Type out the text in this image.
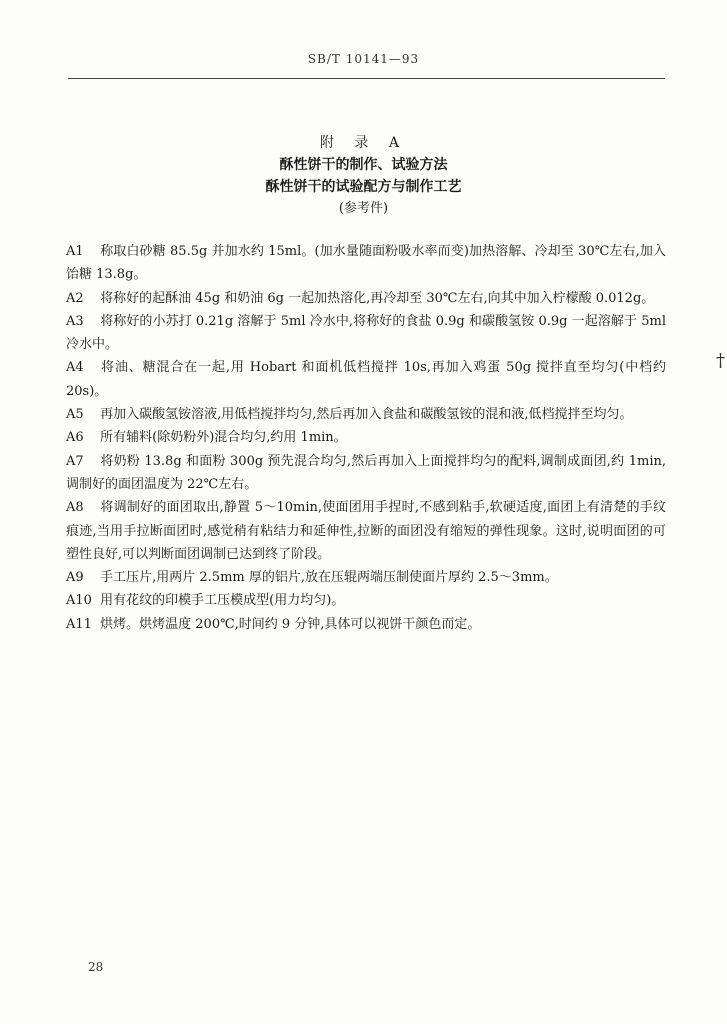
SB/T 10141—93
附 录 A
酥性饼干的制作、试验方法
酥性饼干的试验配方与制作工艺
(参考件)

A1 称取白砂糖 85.5g 并加水约 15ml。(加水量随面粉吸水率而变)加热溶解、冷却至 30℃左右,加入饴糖 13.8g。

A2 将称好的起酥油 45g 和奶油 6g 一起加热溶化,再冷却至 30℃左右,向其中加入柠檬酸 0.012g。

A3 将称好的小苏打 0.21g 溶解于 5ml 冷水中,将称好的食盐 0.9g 和碳酸氢铵 0.9g 一起溶解于 5ml 冷水中。

A4 将油、糖混合在一起,用 Hobart 和面机低档搅拌 10s,再加入鸡蛋 50g 搅拌直至均匀(中档约 20s)。

A5 再加入碳酸氢铵溶液,用低档搅拌均匀,然后再加入食盐和碳酸氢铵的混和液,低档搅拌至均匀。

A6 所有辅料(除奶粉外)混合均匀,约用 1min。

A7 将奶粉 13.8g 和面粉 300g 预先混合均匀,然后再加入上面搅拌均匀的配料,调制成面团,约 1min,调制好的面团温度为 22℃左右。

A8 将调制好的面团取出,静置 5～10min,使面团用手捏时,不感到粘手,软硬适度,面团上有清楚的手纹痕迹,当用手拉断面团时,感觉稍有粘结力和延伸性,拉断的面团没有缩短的弹性现象。这时,说明面团的可塑性良好,可以判断面团调制已达到终了阶段。

A9 手工压片,用两片 2.5mm 厚的铝片,放在压辊两端压制使面片厚约 2.5～3mm。

A10 用有花纹的印模手工压模成型(用力均匀)。

A11 烘烤。烘烤温度 200℃,时间约 9 分钟,具体可以视饼干颜色而定。

†
28
